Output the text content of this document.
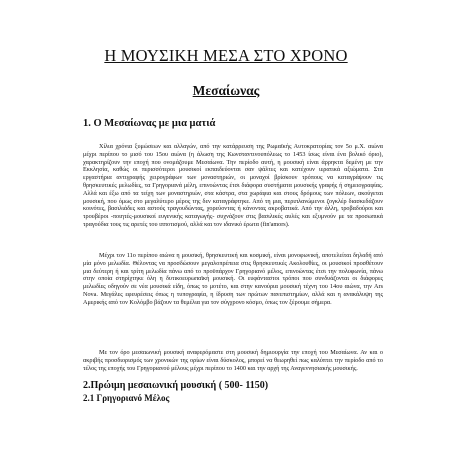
Η ΜΟΥΣΙΚΗ ΜΕΣΑ ΣΤΟ ΧΡΟΝΟ
Μεσαίωνας
1. Ο Μεσαίωνας με μια ματιά

Χίλια χρόνια ξυμώσεων και αλλαγών, από την κατάρρευση της Ρωμαϊκής Αυτοκρατορίας τον 5ο μ.Χ. αιώνα μέχρι περίπου το μισό του 15ου αιώνα (η άλωση της Κωνσταντινουπόλεως το 1453 ίσως είναι ένα βολικό όριο), χαρακτηρίζουν την εποχή που ονομάζουμε Μεσαίωνα. Την περίοδο αυτή, η μουσική είναι άρρηκτα δεμένη με την Εκκλησία, καθώς οι περισσότεροι μουσικοί εκπαιδεύονται σαν ψάλτες και κατέχουν ιερατικά αξιώματα. Στα εργαστήρια αντιγραφής χειρογράφων των μοναστηριών, οι μοναχοί βρίσκουν τρόπους να καταγράψουν τις θρησκευτικές μελωδίες, τα Γρηγοριανά μέλη, επινοώντας έτσι διάφορα συστήματα μουσικής γραφής ή σημειογραφίας. Αλλά και έξω από τα τείχη των μοναστηριών, στα κάστρα, στα χωράφια και στους δρόμους των πόλεων, ακούγεται μουσική, που όμως στο μεγαλύτερο μέρος της δεν καταγράφτηκε. Από τη μια, περιπλανώμενοι ζογκλέρ διασκεδάζουν κοινότες, βασιλιάδες και αστούς τραγουδώντας, χορεύοντας ή κάνοντας ακροβατικά. Από την άλλη, τροβαδούροι και τρουβέροι -ποιητές-μουσικοί ευγενικής καταγωγής- συχνάζουν στις βασιλικές αυλές και εξυμνούν με τα προσωπικά τραγούδια τους τις αρετές του ιπποτισμού, αλλά και τον ιδανικό έρωτα (fin'amors).

Μέχρι τον 11ο περίπου αιώνα η μουσική, θρησκευτική και κοσμική, είναι μονοφωνική, αποτελείται δηλαδή από μία μόνο μελωδία. Θέλοντας να προσδώσουν μεγαλοπρέπεια στις θρησκευτικές Ακολουθίες, οι μουσικοί προσθέτουν μια δεύτερη ή και τρίτη μελωδία πάνω από το προϋπάρχον Γρηγοριανό μέλος, επινοώντας έτσι την πολυφωνία, πάνω στην οποία στηρίχτηκε όλη η δυτικοευρωπαϊκή μουσική. Οι ευφάνταστοι τρόποι που συνδυάζονται οι διάφορες μελωδίες οδηγούν σε νέα μουσικά είδη, όπως το μοτέτο, και στην κανούρια μουσική τέχνη του 14ου αιώνα, την Ars Nova. Μεγάλες εφευρέσεις όπως η τυπογραφία, η ίδρυση των πρώτων πανεπιστημίων, αλλά και η ανακάλυψη της Αμερικής από τον Κολόμβο βάζουν τα θεμέλια για τον σύγχρονο κόσμο, όπως τον ξέρουμε σήμερα.

Με τον όρο μεσαιωνική μουσική αναφερόμαστε στη μουσική δημιουργία την εποχή του Μεσαίωνα. Αν και ο ακριβής προσδιορισμός των χρονικών της ορίων είναι δύσκολος, μπορεί να θεωρηθεί πως καλύπτει την περίοδο από το τέλος της εποχής του Γρηγοριανού μέλους μέχρι περίπου το 1400 και την αρχή της Αναγεννησιακής μουσικής.

2.Πρώιμη μεσαιωνική μουσική ( 500- 1150)
2.1 Γρηγοριανό Μέλος
